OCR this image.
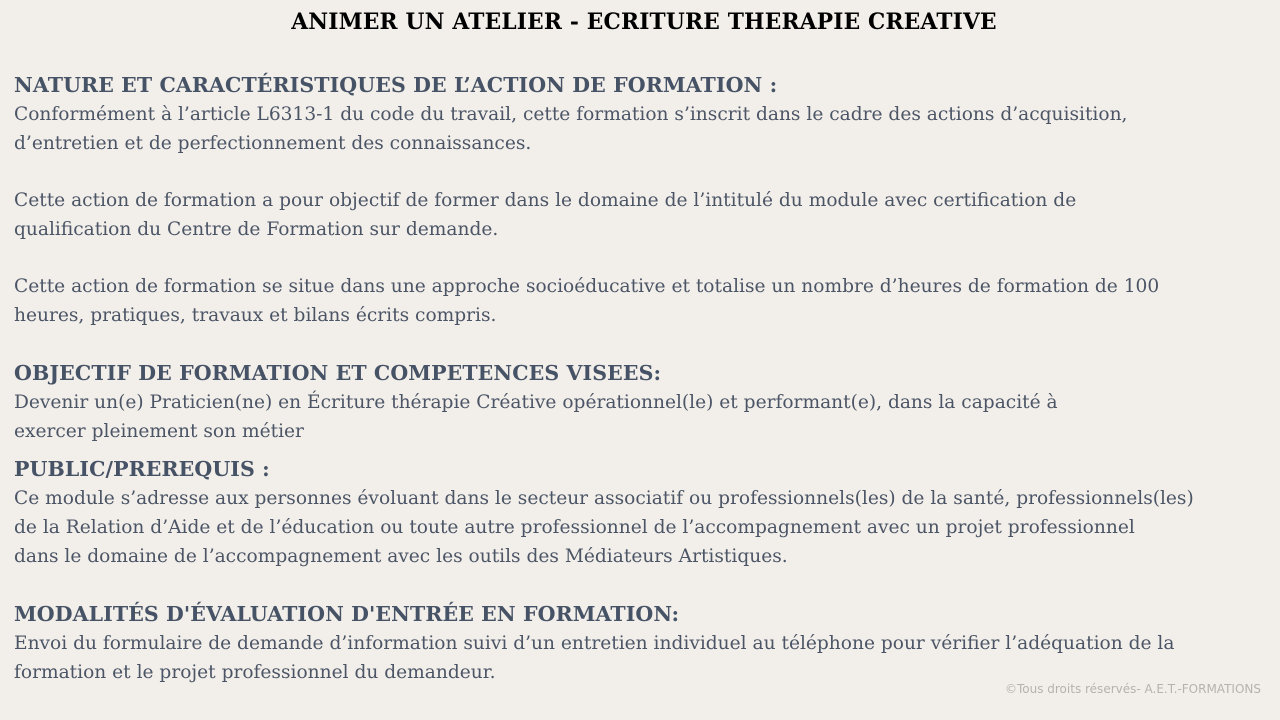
ANIMER UN ATELIER - ECRITURE THERAPIE CREATIVE
NATURE ET CARACTÉRISTIQUES DE L’ACTION DE FORMATION :
Conformément à l’article L6313-1 du code du travail, cette formation s’inscrit dans le cadre des actions d’acquisition,
d’entretien et de perfectionnement des connaissances.
Cette action de formation a pour objectif de former dans le domaine de l’intitulé du module avec certification de
qualification du Centre de Formation sur demande.
Cette action de formation se situe dans une approche socioéducative et totalise un nombre d’heures de formation de 100
heures, pratiques, travaux et bilans écrits compris.
OBJECTIF DE FORMATION ET COMPETENCES VISEES:
Devenir un(e) Praticien(ne) en Écriture thérapie Créative opérationnel(le) et performant(e), dans la capacité à
exercer pleinement son métier
PUBLIC/PREREQUIS :
Ce module s’adresse aux personnes évoluant dans le secteur associatif ou professionnels(les) de la santé, professionnels(les)
de la Relation d’Aide et de l’éducation ou toute autre professionnel de l’accompagnement avec un projet professionnel
dans le domaine de l’accompagnement avec les outils des Médiateurs Artistiques.
MODALITÉS D'ÉVALUATION D'ENTRÉE EN FORMATION:
Envoi du formulaire de demande d’information suivi d’un entretien individuel au téléphone pour vérifier l’adéquation de la
formation et le projet professionnel du demandeur.
©Tous droits réservés- A.E.T.-FORMATIONS
